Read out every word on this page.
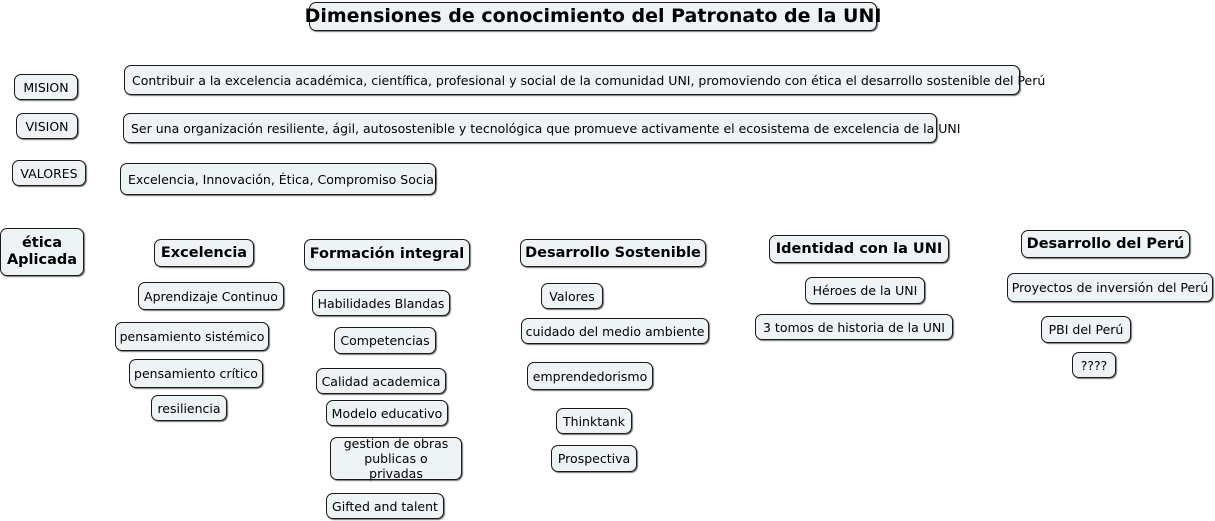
Dimensiones de conocimiento del Patronato de la UNI
MISION	Contribuir a la excelencia académica, científica, profesional y social de la comunidad UNI, promoviendo con ética el desarrollo sostenible del Perú
VISION	Ser una organización resiliente, ágil, autosostenible y tecnológica que promueve activamente el ecosistema de excelencia de la UNI
VALORES	Excelencia, Innovación, Ética, Compromiso Social
ética Aplicada	Excelencia
Aprendizaje Continuo
pensamiento sistémico
pensamiento crítico
resiliencia
Formación integral
Habilidades Blandas
Competencias
Calidad academica
Modelo educativo
gestion de obras publicas o privadas
Gifted and talent
Desarrollo Sostenible
Valores
cuidado del medio ambiente
emprendedorismo
Thinktank
Prospectiva
Identidad con la UNI
Héroes de la UNI
3 tomos de historia de la UNI
Desarrollo del Perú
Proyectos de inversión del Perú
PBI del Perú
????
